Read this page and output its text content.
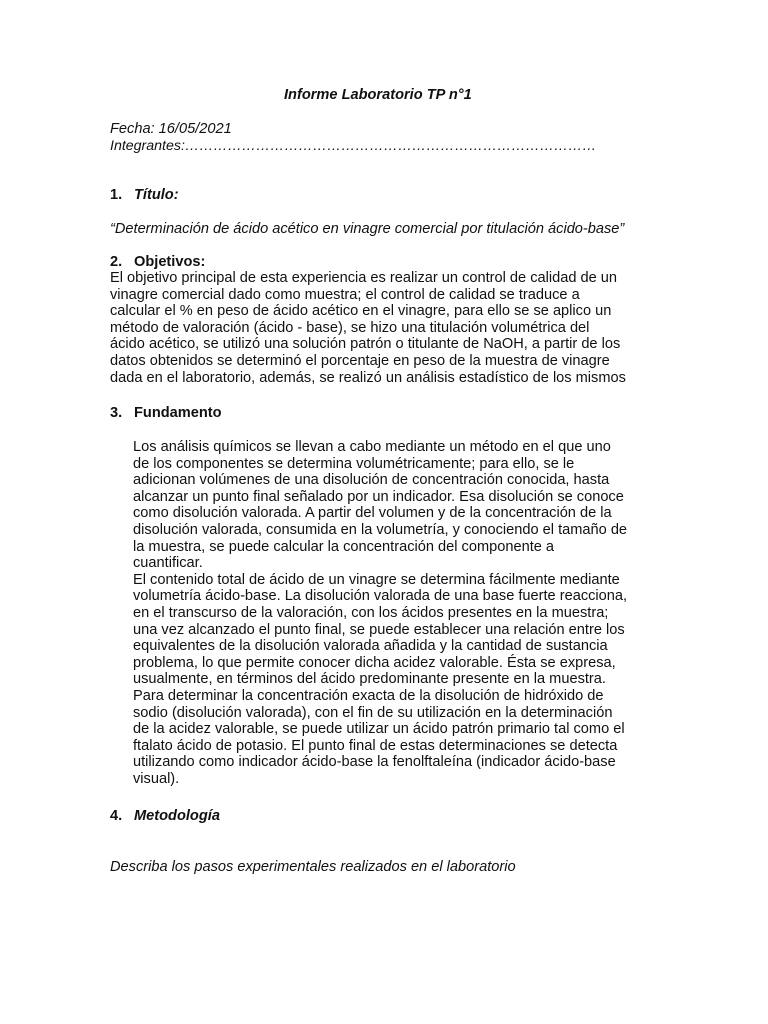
Informe Laboratorio TP n°1

Fecha: 16/05/2021

Integrantes:……………………………………………………………………………

1. Título:

“Determinación de ácido acético en vinagre comercial por titulación ácido-base”

2. Objetivos:

El objetivo principal de esta experiencia es realizar un control de calidad de un
vinagre comercial dado como muestra; el control de calidad se traduce a
calcular el % en peso de ácido acético en el vinagre, para ello se se aplico un
método de valoración (ácido - base), se hizo una titulación volumétrica del
ácido acético, se utilizó una solución patrón o titulante de NaOH, a partir de los
datos obtenidos se determinó el porcentaje en peso de la muestra de vinagre
dada en el laboratorio, además, se realizó un análisis estadístico de los mismos

3. Fundamento

Los análisis químicos se llevan a cabo mediante un método en el que uno
de los componentes se determina volumétricamente; para ello, se le
adicionan volúmenes de una disolución de concentración conocida, hasta
alcanzar un punto final señalado por un indicador. Esa disolución se conoce
como disolución valorada. A partir del volumen y de la concentración de la
disolución valorada, consumida en la volumetría, y conociendo el tamaño de
la muestra, se puede calcular la concentración del componente a
cuantificar.
El contenido total de ácido de un vinagre se determina fácilmente mediante
volumetría ácido-base. La disolución valorada de una base fuerte reacciona,
en el transcurso de la valoración, con los ácidos presentes en la muestra;
una vez alcanzado el punto final, se puede establecer una relación entre los
equivalentes de la disolución valorada añadida y la cantidad de sustancia
problema, lo que permite conocer dicha acidez valorable. Ésta se expresa,
usualmente, en términos del ácido predominante presente en la muestra.
Para determinar la concentración exacta de la disolución de hidróxido de
sodio (disolución valorada), con el fin de su utilización en la determinación
de la acidez valorable, se puede utilizar un ácido patrón primario tal como el
ftalato ácido de potasio. El punto final de estas determinaciones se detecta
utilizando como indicador ácido-base la fenolftaleína (indicador ácido-base
visual).

4. Metodología

Describa los pasos experimentales realizados en el laboratorio
